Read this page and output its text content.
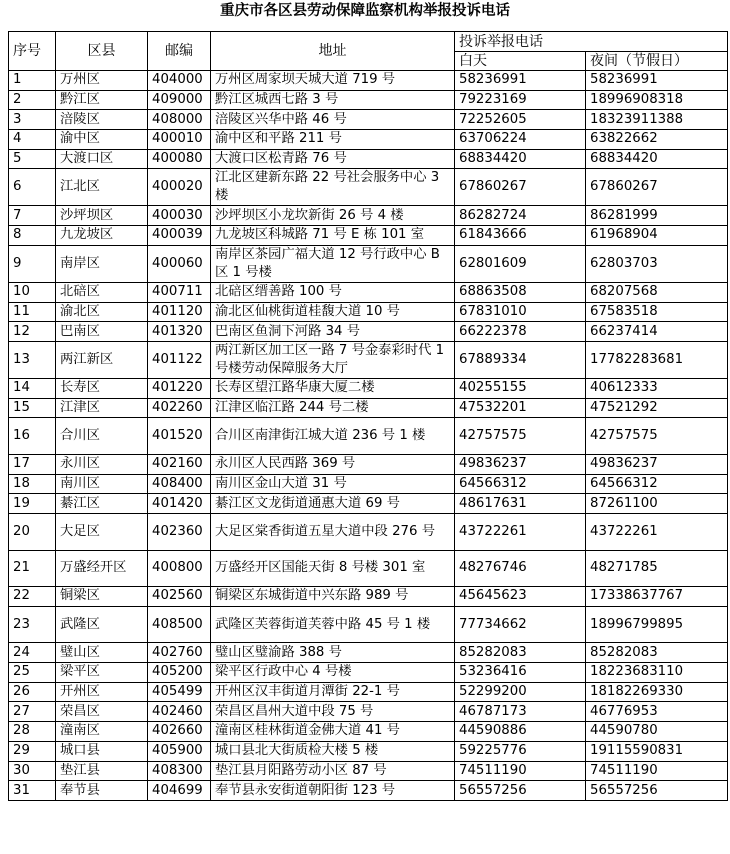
重庆市各区县劳动保障监察机构举报投诉电话
序号	区县	邮编	地址	投诉举报电话	
				白天	夜间（节假日）
1	万州区	404000	万州区周家坝天城大道 719 号	58236991	58236991
2	黔江区	409000	黔江区城西七路 3 号	79223169	18996908318
3	涪陵区	408000	涪陵区兴华中路 46 号	72252605	18323911388
4	渝中区	400010	渝中区和平路 211 号	63706224	63822662
5	大渡口区	400080	大渡口区松青路 76 号	68834420	68834420
6	江北区	400020	江北区建新东路 22 号社会服务中心 3 楼	67860267	67860267
7	沙坪坝区	400030	沙坪坝区小龙坎新街 26 号 4 楼	86282724	86281999
8	九龙坡区	400039	九龙坡区科城路 71 号 E 栋 101 室	61843666	61968904
9	南岸区	400060	南岸区茶园广福大道 12 号行政中心 B 区 1 号楼	62801609	62803703
10	北碚区	400711	北碚区缙善路 100 号	68863508	68207568
11	渝北区	401120	渝北区仙桃街道桂馥大道 10 号	67831010	67583518
12	巴南区	401320	巴南区鱼洞下河路 34 号	66222378	66237414
13	两江新区	401122	两江新区加工区一路 7 号金泰彩时代 1 号楼劳动保障服务大厅	67889334	17782283681
14	长寿区	401220	长寿区望江路华康大厦二楼	40255155	40612333
15	江津区	402260	江津区临江路 244 号二楼	47532201	47521292
16	合川区	401520	合川区南津街江城大道 236 号 1 楼	42757575	42757575
17	永川区	402160	永川区人民西路 369 号	49836237	49836237
18	南川区	408400	南川区金山大道 31 号	64566312	64566312
19	綦江区	401420	綦江区文龙街道通惠大道 69 号	48617631	87261100
20	大足区	402360	大足区棠香街道五星大道中段 276 号	43722261	43722261
21	万盛经开区	400800	万盛经开区国能天街 8 号楼 301 室	48276746	48271785
22	铜梁区	402560	铜梁区东城街道中兴东路 989 号	45645623	17338637767
23	武隆区	408500	武隆区芙蓉街道芙蓉中路 45 号 1 楼	77734662	18996799895
24	璧山区	402760	璧山区璧渝路 388 号	85282083	85282083
25	梁平区	405200	梁平区行政中心 4 号楼	53236416	18223683110
26	开州区	405499	开州区汉丰街道月潭街 22-1 号	52299200	18182269330
27	荣昌区	402460	荣昌区昌州大道中段 75 号	46787173	46776953
28	潼南区	402660	潼南区桂林街道金佛大道 41 号	44590886	44590780
29	城口县	405900	城口县北大街质检大楼 5 楼	59225776	19115590831
30	垫江县	408300	垫江县月阳路劳动小区 87 号	74511190	74511190
31	奉节县	404699	奉节县永安街道朝阳街 123 号	56557256	56557256
